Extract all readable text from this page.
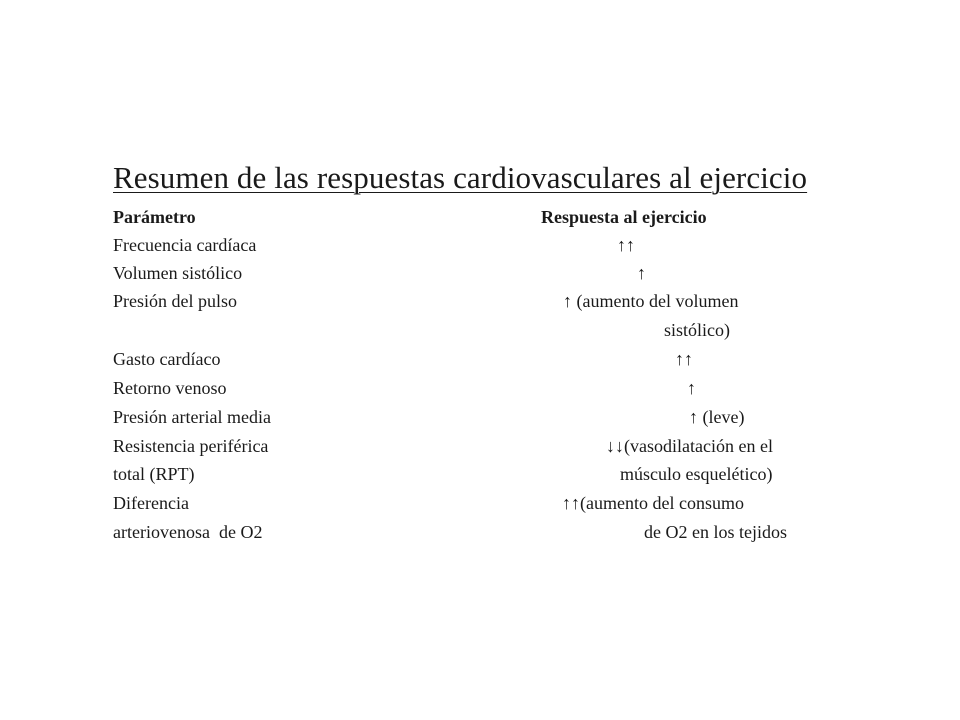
Resumen de las respuestas cardiovasculares al ejercicio
Parámetro	Respuesta al ejercicio
Frecuencia cardíaca	↑↑
Volumen sistólico	↑
Presión del pulso	↑ (aumento del volumen
sistólico)
Gasto cardíaco	↑↑
Retorno venoso	↑
Presión arterial media	↑ (leve)
Resistencia periférica	↓↓(vasodilatación en el
total (RPT)	músculo esquelético)
Diferencia	↑↑(aumento del consumo
arteriovenosa  de O2	de O2 en los tejidos
